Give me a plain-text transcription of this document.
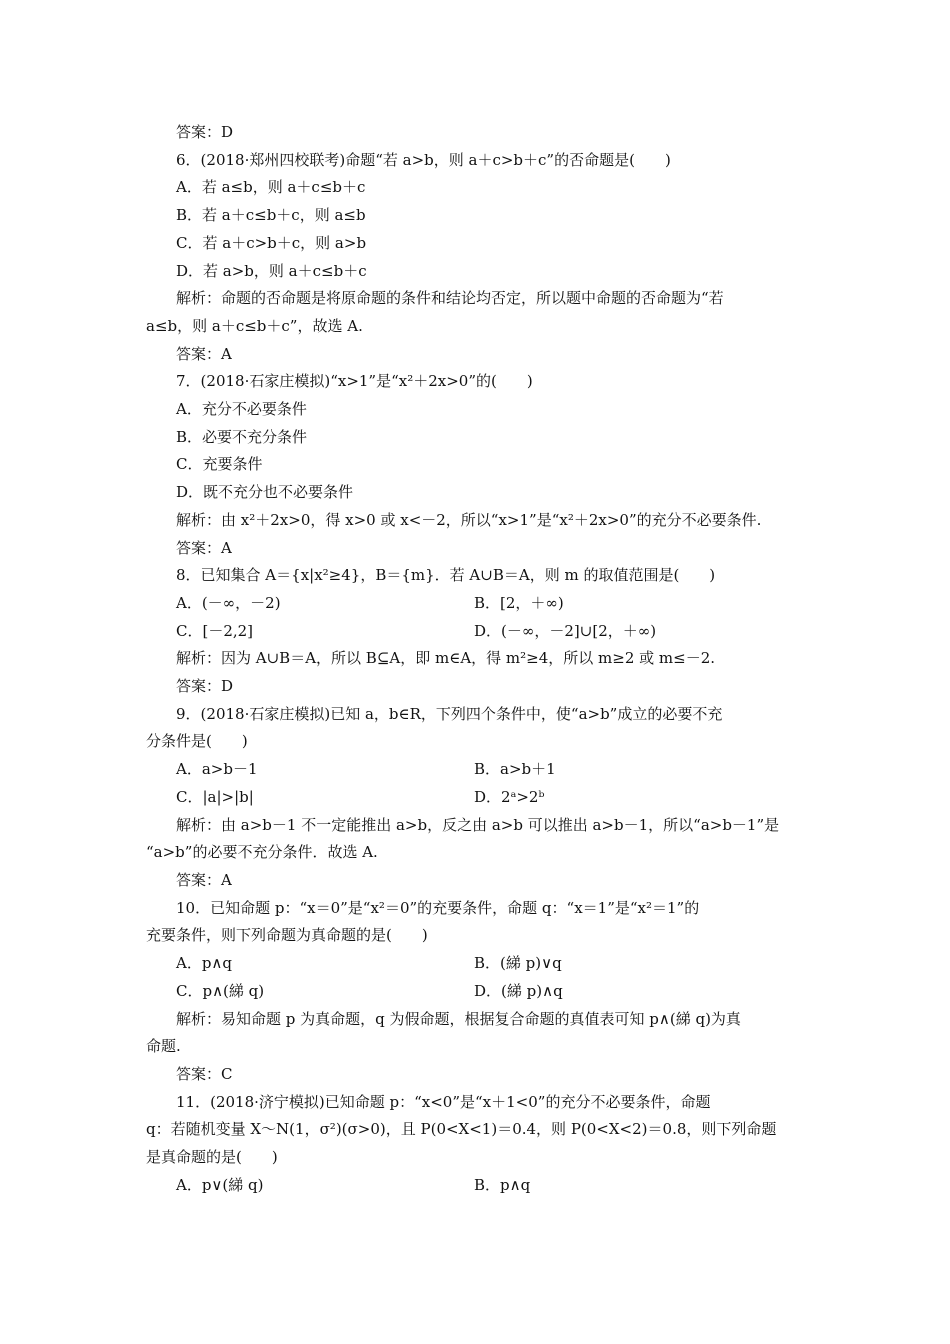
答案：D
6．(2018·郑州四校联考)命题“若 a>b，则 a＋c>b＋c”的否命题是(　　)
A．若 a≤b，则 a＋c≤b＋c
B．若 a＋c≤b＋c，则 a≤b
C．若 a＋c>b＋c，则 a>b
D．若 a>b，则 a＋c≤b＋c
解析：命题的否命题是将原命题的条件和结论均否定，所以题中命题的否命题为“若
a≤b，则 a＋c≤b＋c”，故选 A.
答案：A
7．(2018·石家庄模拟)“x>1”是“x²＋2x>0”的(　　)
A．充分不必要条件
B．必要不充分条件
C．充要条件
D．既不充分也不必要条件
解析：由 x²＋2x>0，得 x>0 或 x<－2，所以“x>1”是“x²＋2x>0”的充分不必要条件.
答案：A
8．已知集合 A＝{x|x²≥4}，B＝{m}．若 A∪B＝A，则 m 的取值范围是(　　)
A．(－∞，－2)	B．[2，＋∞)
C．[－2,2]	D．(－∞，－2]∪[2，＋∞)
解析：因为 A∪B＝A，所以 B⊆A，即 m∈A，得 m²≥4，所以 m≥2 或 m≤－2.
答案：D
9．(2018·石家庄模拟)已知 a，b∈R，下列四个条件中，使“a>b”成立的必要不充
分条件是(　　)
A．a>b－1	B．a>b＋1
C．|a|>|b|	D．2ᵃ>2ᵇ
解析：由 a>b－1 不一定能推出 a>b，反之由 a>b 可以推出 a>b－1，所以“a>b－1”是
“a>b”的必要不充分条件．故选 A.
答案：A
10．已知命题 p：“x＝0”是“x²＝0”的充要条件，命题 q：“x＝1”是“x²＝1”的
充要条件，则下列命题为真命题的是(　　)
A．p∧q	B．(綈 p)∨q
C．p∧(綈 q)	D．(綈 p)∧q
解析：易知命题 p 为真命题，q 为假命题，根据复合命题的真值表可知 p∧(綈 q)为真
命题.
答案：C
11．(2018·济宁模拟)已知命题 p：“x<0”是“x＋1<0”的充分不必要条件，命题
q：若随机变量 X～N(1，σ²)(σ>0)，且 P(0<X<1)＝0.4，则 P(0<X<2)＝0.8，则下列命题
是真命题的是(　　)
A．p∨(綈 q)	B．p∧q
